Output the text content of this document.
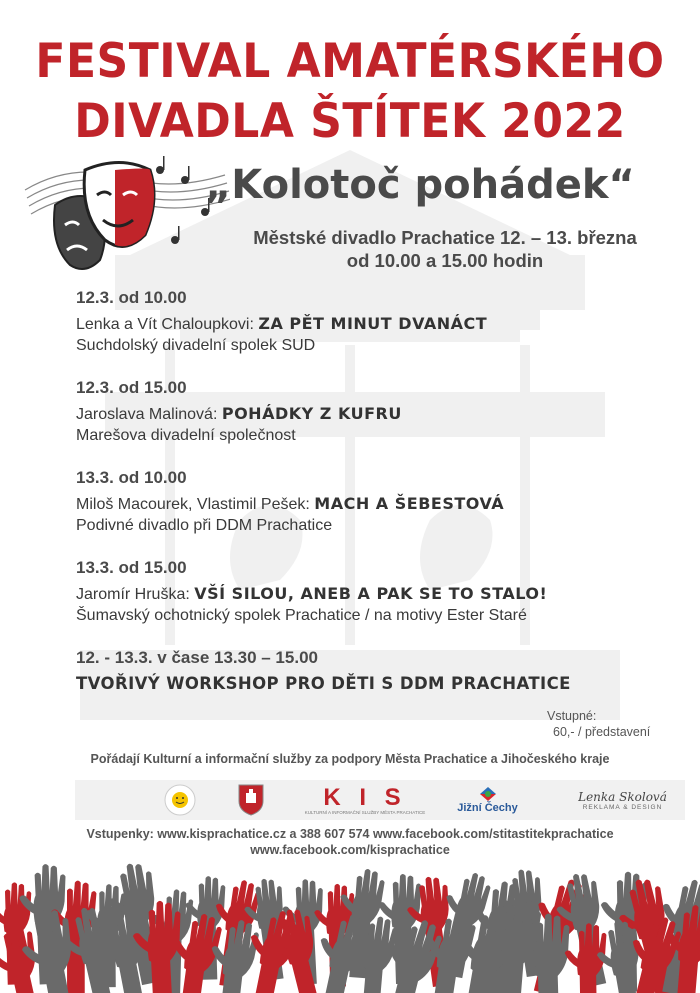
FESTIVAL AMATÉRSKÉHO
DIVADLA ŠTÍTEK 2022
„Kolotoč pohádek“
Městské divadlo Prachatice 12. – 13. března
od 10.00 a 15.00 hodin
12.3. od 10.00
Lenka a Vít Chaloupkovi: ZA PĚT MINUT DVANÁCT
Suchdolský divadelní spolek SUD
12.3. od 15.00
Jaroslava Malinová: POHÁDKY Z KUFRU
Marešova divadelní společnost
13.3. od 10.00
Miloš Macourek, Vlastimil Pešek: MACH A ŠEBESTOVÁ
Podivné divadlo při DDM Prachatice
13.3. od 15.00
Jaromír Hruška: VŠÍ SILOU, ANEB A PAK SE TO STALO!
Šumavský ochotnický spolek Prachatice / na motivy Ester Staré
12. - 13.3. v čase 13.30 – 15.00
TVOŘIVÝ WORKSHOP PRO DĚTI S DDM PRACHATICE
Vstupné:
60,- / představení
Pořádají Kulturní a informační služby za podpory Města Prachatice a Jihočeského kraje
K I S
KULTURNÍ A INFORMAČNÍ SLUŽBY MĚSTA PRACHATICE	Jižní Čechy
Lenka Skolová
REKLAMA & DESIGN
Vstupenky: www.kisprachatice.cz a 388 607 574 www.facebook.com/stitastitekprachatice
www.facebook.com/kisprachatice
